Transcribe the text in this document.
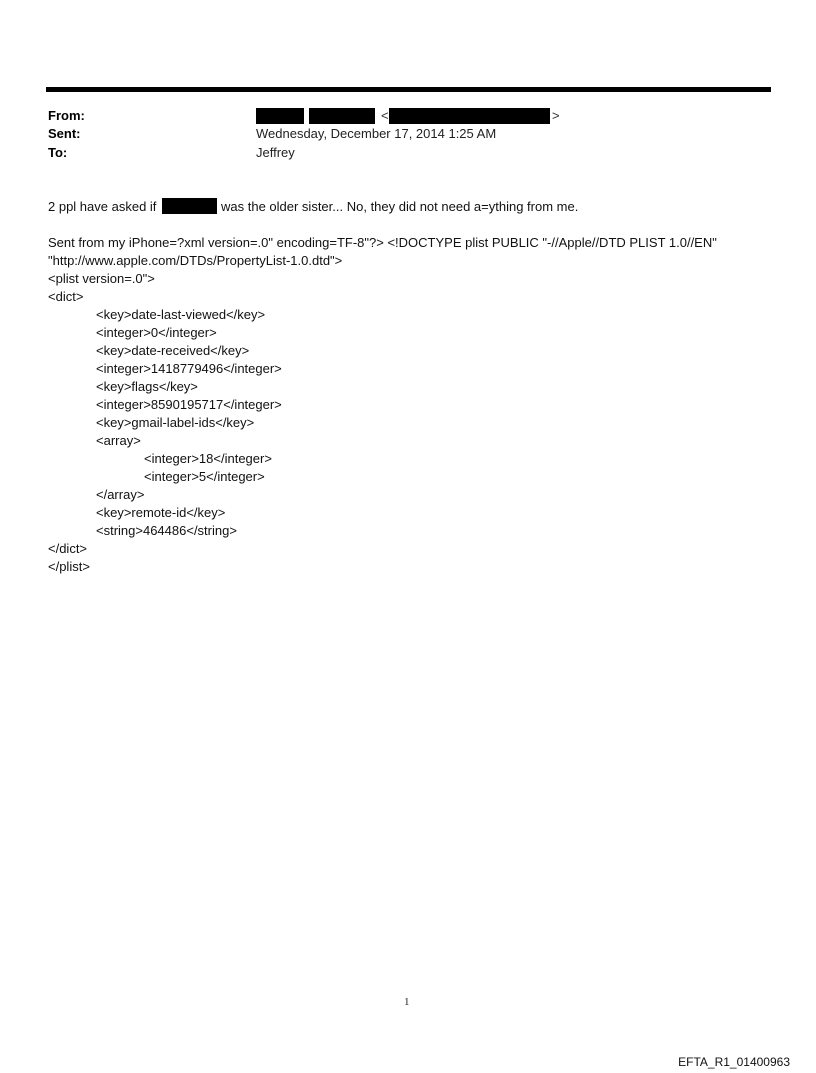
From:	<	>
Sent:	Wednesday, December 17, 2014 1:25 AM
To:	Jeffrey
2 ppl have asked if	was the older sister... No, they did not need a=ything from me.
Sent from my iPhone=?xml version=.0" encoding=TF-8"?> <!DOCTYPE plist PUBLIC "-//Apple//DTD PLIST 1.0//EN"
"http://www.apple.com/DTDs/PropertyList-1.0.dtd">
<plist version=.0">
<dict>
<key>date-last-viewed</key>
<integer>0</integer>
<key>date-received</key>
<integer>1418779496</integer>
<key>flags</key>
<integer>8590195717</integer>
<key>gmail-label-ids</key>
<array>
<integer>18</integer>
<integer>5</integer>
</array>
<key>remote-id</key>
<string>464486</string>
</dict>
</plist>
1
EFTA_R1_01400963
